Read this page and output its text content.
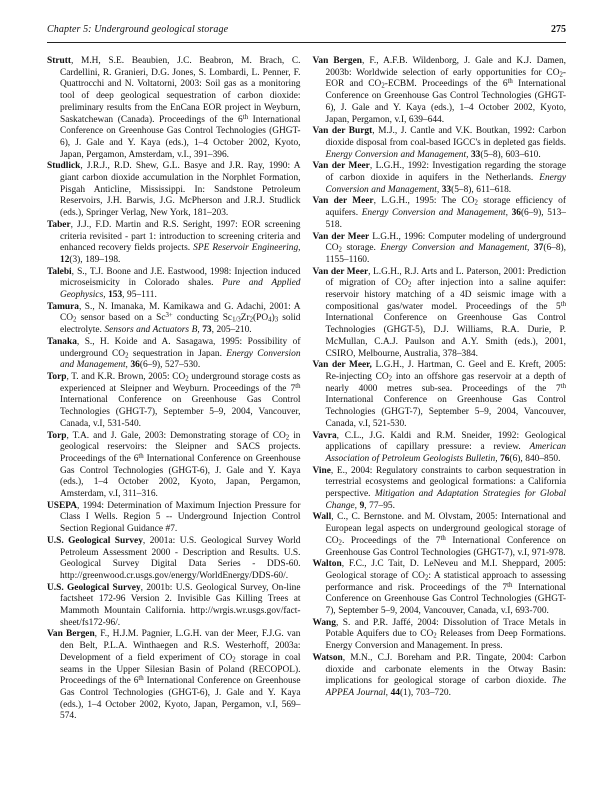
Chapter 5: Underground geological storage	275

Strutt, M.H, S.E. Beaubien, J.C. Beabron, M. Brach, C. Cardellini, R. Granieri, D.G. Jones, S. Lombardi, L. Penner, F. Quattrocchi and N. Voltatorni, 2003: Soil gas as a monitoring tool of deep geological sequestration of carbon dioxide: preliminary results from the EnCana EOR project in Weyburn, Saskatchewan (Canada). Proceedings of the 6th International Conference on Greenhouse Gas Control Technologies (GHGT-6), J. Gale and Y. Kaya (eds.), 1–4 October 2002, Kyoto, Japan, Pergamon, Amsterdam, v.I., 391–396.

Studlick, J.R.J., R.D. Shew, G.L. Basye and J.R. Ray, 1990: A giant carbon dioxide accumulation in the Norphlet Formation, Pisgah Anticline, Mississippi. In: Sandstone Petroleum Reservoirs, J.H. Barwis, J.G. McPherson and J.R.J. Studlick (eds.), Springer Verlag, New York, 181–203.

Taber, J.J., F.D. Martin and R.S. Seright, 1997: EOR screening criteria revisited - part 1: introduction to screening criteria and enhanced recovery fields projects. SPE Reservoir Engineering, 12(3), 189–198.

Talebi, S., T.J. Boone and J.E. Eastwood, 1998: Injection induced microseismicity in Colorado shales. Pure and Applied Geophysics, 153, 95–111.

Tamura, S., N. Imanaka, M. Kamikawa and G. Adachi, 2001: A CO2 sensor based on a $Sc^{3+}$ conducting Sc1/3Zr2(PO4)3 solid electrolyte. Sensors and Actuators B, 73, 205–210.

Tanaka, S., H. Koide and A. Sasagawa, 1995: Possibility of underground CO2 sequestration in Japan. Energy Conversion and Management, 36(6–9), 527–530.

Torp, T. and K.R. Brown, 2005: CO2 underground storage costs as experienced at Sleipner and Weyburn. Proceedings of the 7th International Conference on Greenhouse Gas Control Technologies (GHGT-7), September 5–9, 2004, Vancouver, Canada, v.I, 531-540.

Torp, T.A. and J. Gale, 2003: Demonstrating storage of CO2 in geological reservoirs: the Sleipner and SACS projects. Proceedings of the 6th International Conference on Greenhouse Gas Control Technologies (GHGT-6), J. Gale and Y. Kaya (eds.), 1–4 October 2002, Kyoto, Japan, Pergamon, Amsterdam, v.I, 311–316.

USEPA, 1994: Determination of Maximum Injection Pressure for Class I Wells. Region 5 -- Underground Injection Control Section Regional Guidance #7.

U.S. Geological Survey, 2001a: U.S. Geological Survey World Petroleum Assessment 2000 - Description and Results. U.S. Geological Survey Digital Data Series - DDS-60. http://greenwood.cr.usgs.gov/energy/WorldEnergy/DDS-60/.

U.S. Geological Survey, 2001b: U.S. Geological Survey, On-line factsheet 172-96 Version 2. Invisible Gas Killing Trees at Mammoth Mountain California. http://wrgis.wr.usgs.gov/fact-sheet/fs172-96/.

Van Bergen, F., H.J.M. Pagnier, L.G.H. van der Meer, F.J.G. van den Belt, P.L.A. Winthaegen and R.S. Westerhoff, 2003a: Development of a field experiment of CO2 storage in coal seams in the Upper Silesian Basin of Poland (RECOPOL). Proceedings of the 6th International Conference on Greenhouse Gas Control Technologies (GHGT-6), J. Gale and Y. Kaya (eds.), 1–4 October 2002, Kyoto, Japan, Pergamon, v.I, 569–574.

Van Bergen, F., A.F.B. Wildenborg, J. Gale and K.J. Damen, 2003b: Worldwide selection of early opportunities for CO2-EOR and CO2-ECBM. Proceedings of the 6th International Conference on Greenhouse Gas Control Technologies (GHGT-6), J. Gale and Y. Kaya (eds.), 1–4 October 2002, Kyoto, Japan, Pergamon, v.I, 639–644.

Van der Burgt, M.J., J. Cantle and V.K. Boutkan, 1992: Carbon dioxide disposal from coal-based IGCC's in depleted gas fields. Energy Conversion and Management, 33(5–8), 603–610.

Van der Meer, L.G.H., 1992: Investigation regarding the storage of carbon dioxide in aquifers in the Netherlands. Energy Conversion and Management, 33(5–8), 611–618.

Van der Meer, L.G.H., 1995: The CO2 storage efficiency of aquifers. Energy Conversion and Management, 36(6–9), 513–518.

Van der Meer L.G.H., 1996: Computer modeling of underground CO2 storage. Energy Conversion and Management, 37(6–8), 1155–1160.

Van der Meer, L.G.H., R.J. Arts and L. Paterson, 2001: Prediction of migration of CO2 after injection into a saline aquifer: reservoir history matching of a 4D seismic image with a compositional gas/water model. Proceedings of the 5th International Conference on Greenhouse Gas Control Technologies (GHGT-5), D.J. Williams, R.A. Durie, P. McMullan, C.A.J. Paulson and A.Y. Smith (eds.), 2001, CSIRO, Melbourne, Australia, 378–384.

Van der Meer, L.G.H., J. Hartman, C. Geel and E. Kreft, 2005: Re-injecting CO2 into an offshore gas reservoir at a depth of nearly 4000 metres sub-sea. Proceedings of the 7th International Conference on Greenhouse Gas Control Technologies (GHGT-7), September 5–9, 2004, Vancouver, Canada, v.I, 521-530.

Vavra, C.L., J.G. Kaldi and R.M. Sneider, 1992: Geological applications of capillary pressure: a review. American Association of Petroleum Geologists Bulletin, 76(6), 840–850.

Vine, E., 2004: Regulatory constraints to carbon sequestration in terrestrial ecosystems and geological formations: a California perspective. Mitigation and Adaptation Strategies for Global Change, 9, 77–95.

Wall, C., C. Bernstone. and M. Olvstam, 2005: International and European legal aspects on underground geological storage of CO2. Proceedings of the 7th International Conference on Greenhouse Gas Control Technologies (GHGT-7), v.I, 971-978.

Walton, F.C., J.C Tait, D. LeNeveu and M.I. Sheppard, 2005: Geological storage of CO2: A statistical approach to assessing performance and risk. Proceedings of the 7th International Conference on Greenhouse Gas Control Technologies (GHGT-7), September 5–9, 2004, Vancouver, Canada, v.I, 693-700.

Wang, S. and P.R. Jaffé, 2004: Dissolution of Trace Metals in Potable Aquifers due to CO2 Releases from Deep Formations. Energy Conversion and Management. In press.

Watson, M.N., C.J. Boreham and P.R. Tingate, 2004: Carbon dioxide and carbonate elements in the Otway Basin: implications for geological storage of carbon dioxide. The APPEA Journal, 44(1), 703–720.
